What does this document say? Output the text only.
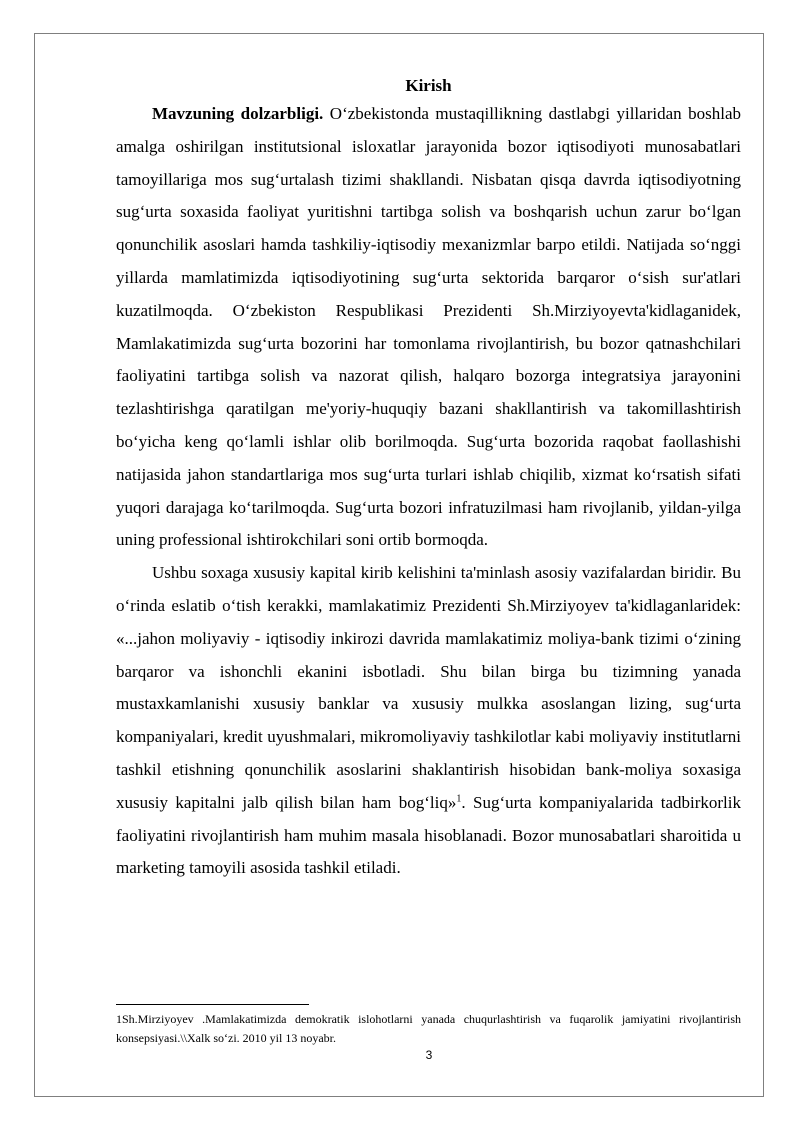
Kirish

Mavzuning dolzarbligi. O‘zbekistonda mustaqillikning dastlabgi yillaridan boshlab amalga oshirilgan institutsional isloxatlar jarayonida bozor iqtisodiyoti munosabatlari tamoyillariga mos sug‘urtalash tizimi shakllandi. Nisbatan qisqa davrda iqtisodiyotning sug‘urta soxasida faoliyat yuritishni tartibga solish va boshqarish uchun zarur bo‘lgan qonunchilik asoslari hamda tashkiliy-iqtisodiy mexanizmlar barpo etildi. Natijada so‘nggi yillarda mamlatimizda iqtisodiyotining sug‘urta sektorida barqaror o‘sish sur'atlari kuzatilmoqda. O‘zbekiston Respublikasi Prezidenti Sh.Mirziyoyevta'kidlaganidek, Mamlakatimizda sug‘urta bozorini har tomonlama rivojlantirish, bu bozor qatnashchilari faoliyatini tartibga solish va nazorat qilish, halqaro bozorga integratsiya jarayonini tezlashtirishga qaratilgan me'yoriy-huquqiy bazani shakllantirish va takomillashtirish bo‘yicha keng qo‘lamli ishlar olib borilmoqda. Sug‘urta bozorida raqobat faollashishi natijasida jahon standartlariga mos sug‘urta turlari ishlab chiqilib, xizmat ko‘rsatish sifati yuqori darajaga ko‘tarilmoqda. Sug‘urta bozori infratuzilmasi ham rivojlanib, yildan-yilga uning professional ishtirokchilari soni ortib bormoqda.

Ushbu soxaga xususiy kapital kirib kelishini ta'minlash asosiy vazifalardan biridir. Bu o‘rinda eslatib o‘tish kerakki, mamlakatimiz Prezidenti Sh.Mirziyoyev ta'kidlaganlaridek: «...jahon moliyaviy - iqtisodiy inkirozi davrida mamlakatimiz moliya-bank tizimi o‘zining barqaror va ishonchli ekanini isbotladi. Shu bilan birga bu tizimning yanada mustaxkamlanishi xususiy banklar va xususiy mulkka asoslangan lizing, sug‘urta kompaniyalari, kredit uyushmalari, mikromoliyaviy tashkilotlar kabi moliyaviy institutlarni tashkil etishning qonunchilik asoslarini shaklantirish hisobidan bank-moliya soxasiga xususiy kapitalni jalb qilish bilan ham bog‘liq»$^1$. Sug‘urta kompaniyalarida tadbirkorlik faoliyatini rivojlantirish ham muhim masala hisoblanadi. Bozor munosabatlari sharoitida u marketing tamoyili asosida tashkil etiladi.

1Sh.Mirziyoyev .Mamlakatimizda demokratik islohotlarni yanada chuqurlashtirish va fuqarolik jamiyatini rivojlantirish konsepsiyasi.\\Xalk so‘zi. 2010 yil 13 noyabr.

3
